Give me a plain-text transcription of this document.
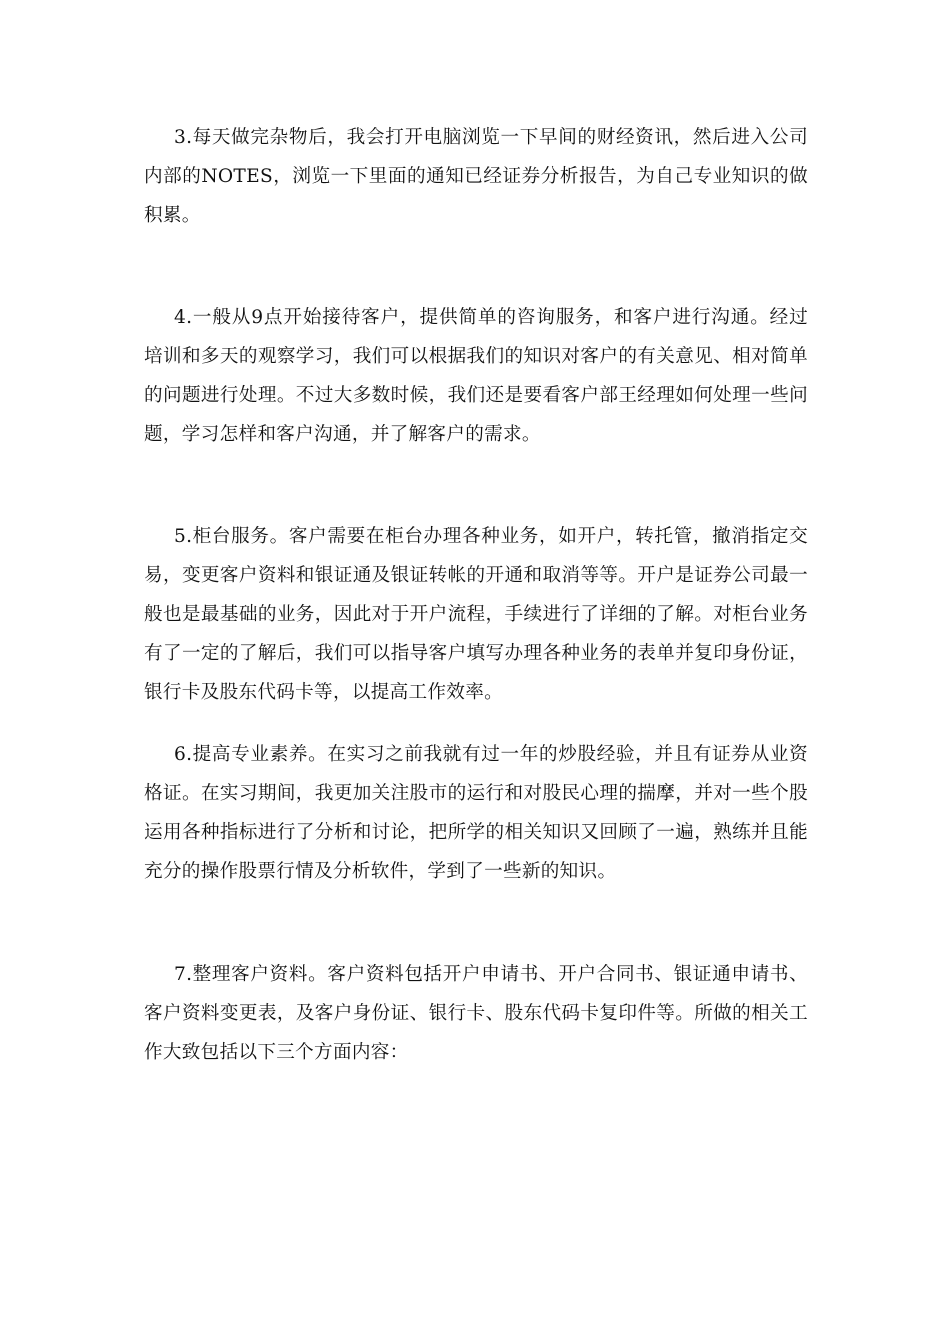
3.每天做完杂物后，我会打开电脑浏览一下早间的财经资讯，然后进入公司内部的NOTES，浏览一下里面的通知已经证券分析报告，为自己专业知识的做积累。

4.一般从9点开始接待客户，提供简单的咨询服务，和客户进行沟通。经过培训和多天的观察学习，我们可以根据我们的知识对客户的有关意见、相对简单的问题进行处理。不过大多数时候，我们还是要看客户部王经理如何处理一些问题，学习怎样和客户沟通，并了解客户的需求。

5.柜台服务。客户需要在柜台办理各种业务，如开户，转托管，撤消指定交易，变更客户资料和银证通及银证转帐的开通和取消等等。开户是证券公司最一般也是最基础的业务，因此对于开户流程，手续进行了详细的了解。对柜台业务有了一定的了解后，我们可以指导客户填写办理各种业务的表单并复印身份证，银行卡及股东代码卡等，以提高工作效率。

6.提高专业素养。在实习之前我就有过一年的炒股经验，并且有证券从业资格证。在实习期间，我更加关注股市的运行和对股民心理的揣摩，并对一些个股运用各种指标进行了分析和讨论，把所学的相关知识又回顾了一遍，熟练并且能充分的操作股票行情及分析软件，学到了一些新的知识。

7.整理客户资料。客户资料包括开户申请书、开户合同书、银证通申请书、客户资料变更表，及客户身份证、银行卡、股东代码卡复印件等。所做的相关工作大致包括以下三个方面内容：
